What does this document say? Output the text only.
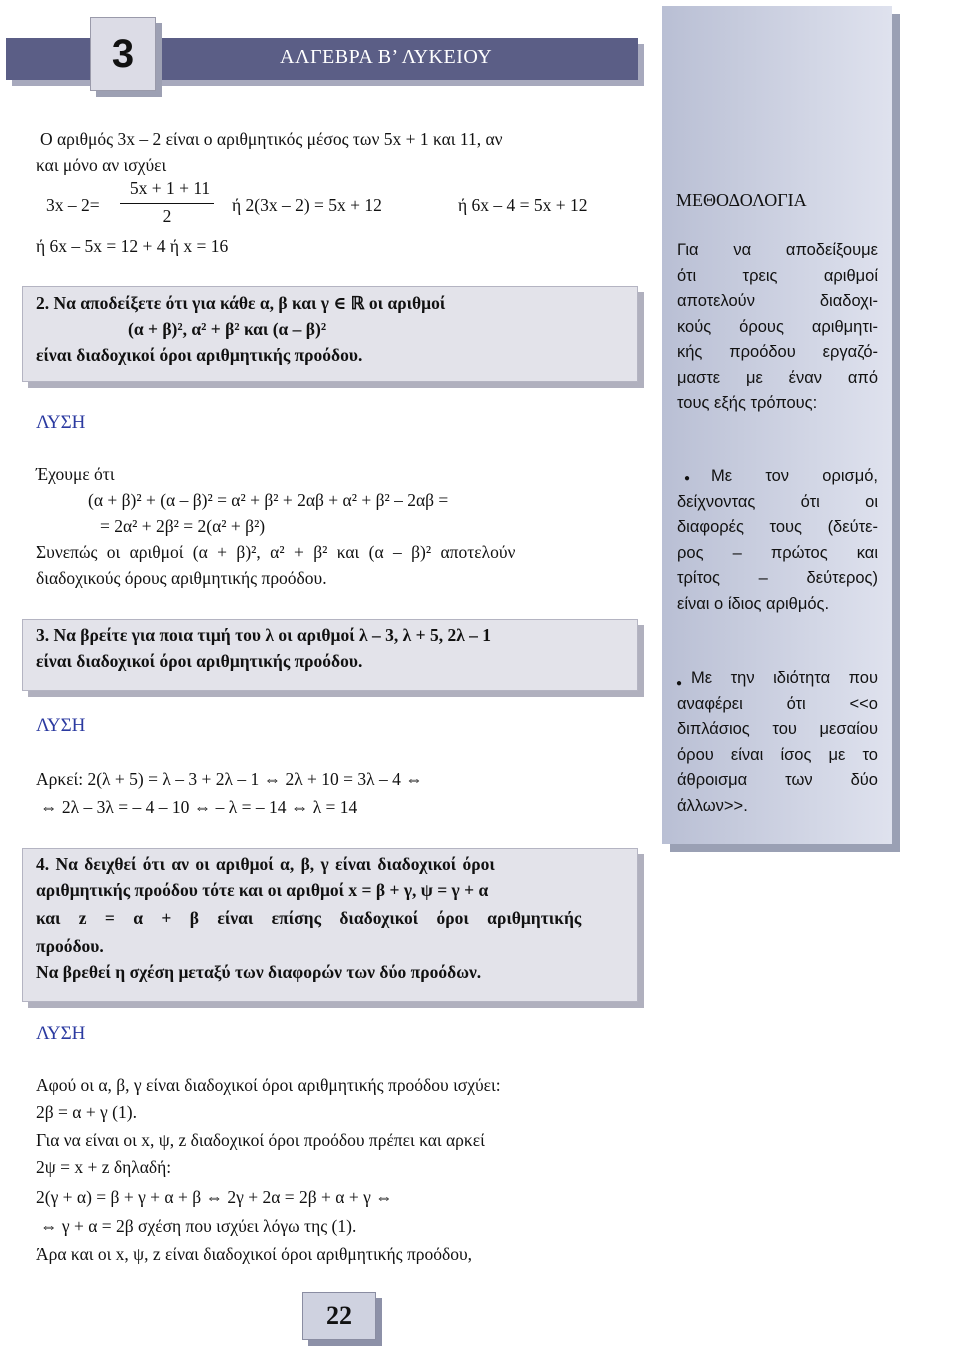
ΑΛΓΕΒΡΑ Β’ ΛΥΚΕΙΟΥ
3
Ο αριθμός 3x – 2 είναι ο αριθμητικός μέσος των 5x + 1 και 11, αν
και μόνο αν ισχύει
3x – 2=
5x + 1 + 11
2
ή 2(3x – 2) = 5x + 12	ή 6x – 4 = 5x + 12
ή 6x – 5x = 12 + 4 ή x = 16
2. Να αποδείξετε ότι για κάθε α, β και γ ∈ ℝ οι αριθμοί
(α + β)², α² + β² και (α – β)²
είναι διαδοχικοί όροι αριθμητικής προόδου.
ΛΥΣΗ
Έχουμε ότι
(α + β)² + (α – β)² = α² + β² + 2αβ + α² + β² – 2αβ =
= 2α² + 2β² = 2(α² + β²)
Συνεπώς οι αριθμοί (α + β)², α² + β² και (α – β)² αποτελούν
διαδοχικούς όρους αριθμητικής προόδου.
3. Να βρείτε για ποια τιμή του λ οι αριθμοί λ – 3, λ + 5, 2λ – 1
είναι διαδοχικοί όροι αριθμητικής προόδου.
ΛΥΣΗ
Αρκεί: 2(λ + 5) = λ – 3 + 2λ – 1 ⇔ 2λ + 10 = 3λ – 4 ⇔
⇔ 2λ – 3λ = – 4 – 10 ⇔ – λ = – 14 ⇔ λ = 14
4. Να δειχθεί ότι αν οι αριθμοί α, β, γ είναι διαδοχικοί όροι
αριθμητικής προόδου τότε και οι αριθμοί x = β + γ, ψ = γ + α
και z = α + β είναι επίσης διαδοχικοί όροι αριθμητικής
προόδου.
Να βρεθεί η σχέση μεταξύ των διαφορών των δύο προόδων.
ΛΥΣΗ
Αφού οι α, β, γ είναι διαδοχικοί όροι αριθμητικής προόδου ισχύει:
2β = α + γ (1).
Για να είναι οι x, ψ, z διαδοχικοί όροι προόδου πρέπει και αρκεί
2ψ = x + z δηλαδή:
2(γ + α) = β + γ + α + β ⇔ 2γ + 2α = 2β + α + γ ⇔
⇔ γ + α = 2β σχέση που ισχύει λόγω της (1).
Άρα και οι x, ψ, z είναι διαδοχικοί όροι αριθμητικής προόδου,
ΜΕΘΟΔΟΛΟΓΙΑ
Για να αποδείξουμε
ότι τρεις αριθμοί
αποτελούν διαδοχι-
κούς όρους αριθμητι-
κής προόδου εργαζό-
μαστε με έναν από
τους εξής τρόπους:
● Με τον ορισμό,
δείχνοντας ότι οι
διαφορές τους (δεύτε-
ρος – πρώτος και
τρίτος – δεύτερος)
είναι ο ίδιος αριθμός.
● Με την ιδιότητα που
αναφέρει ότι <<ο
διπλάσιος του μεσαίου
όρου είναι ίσος με το
άθροισμα των δύο
άλλων>>.
22
